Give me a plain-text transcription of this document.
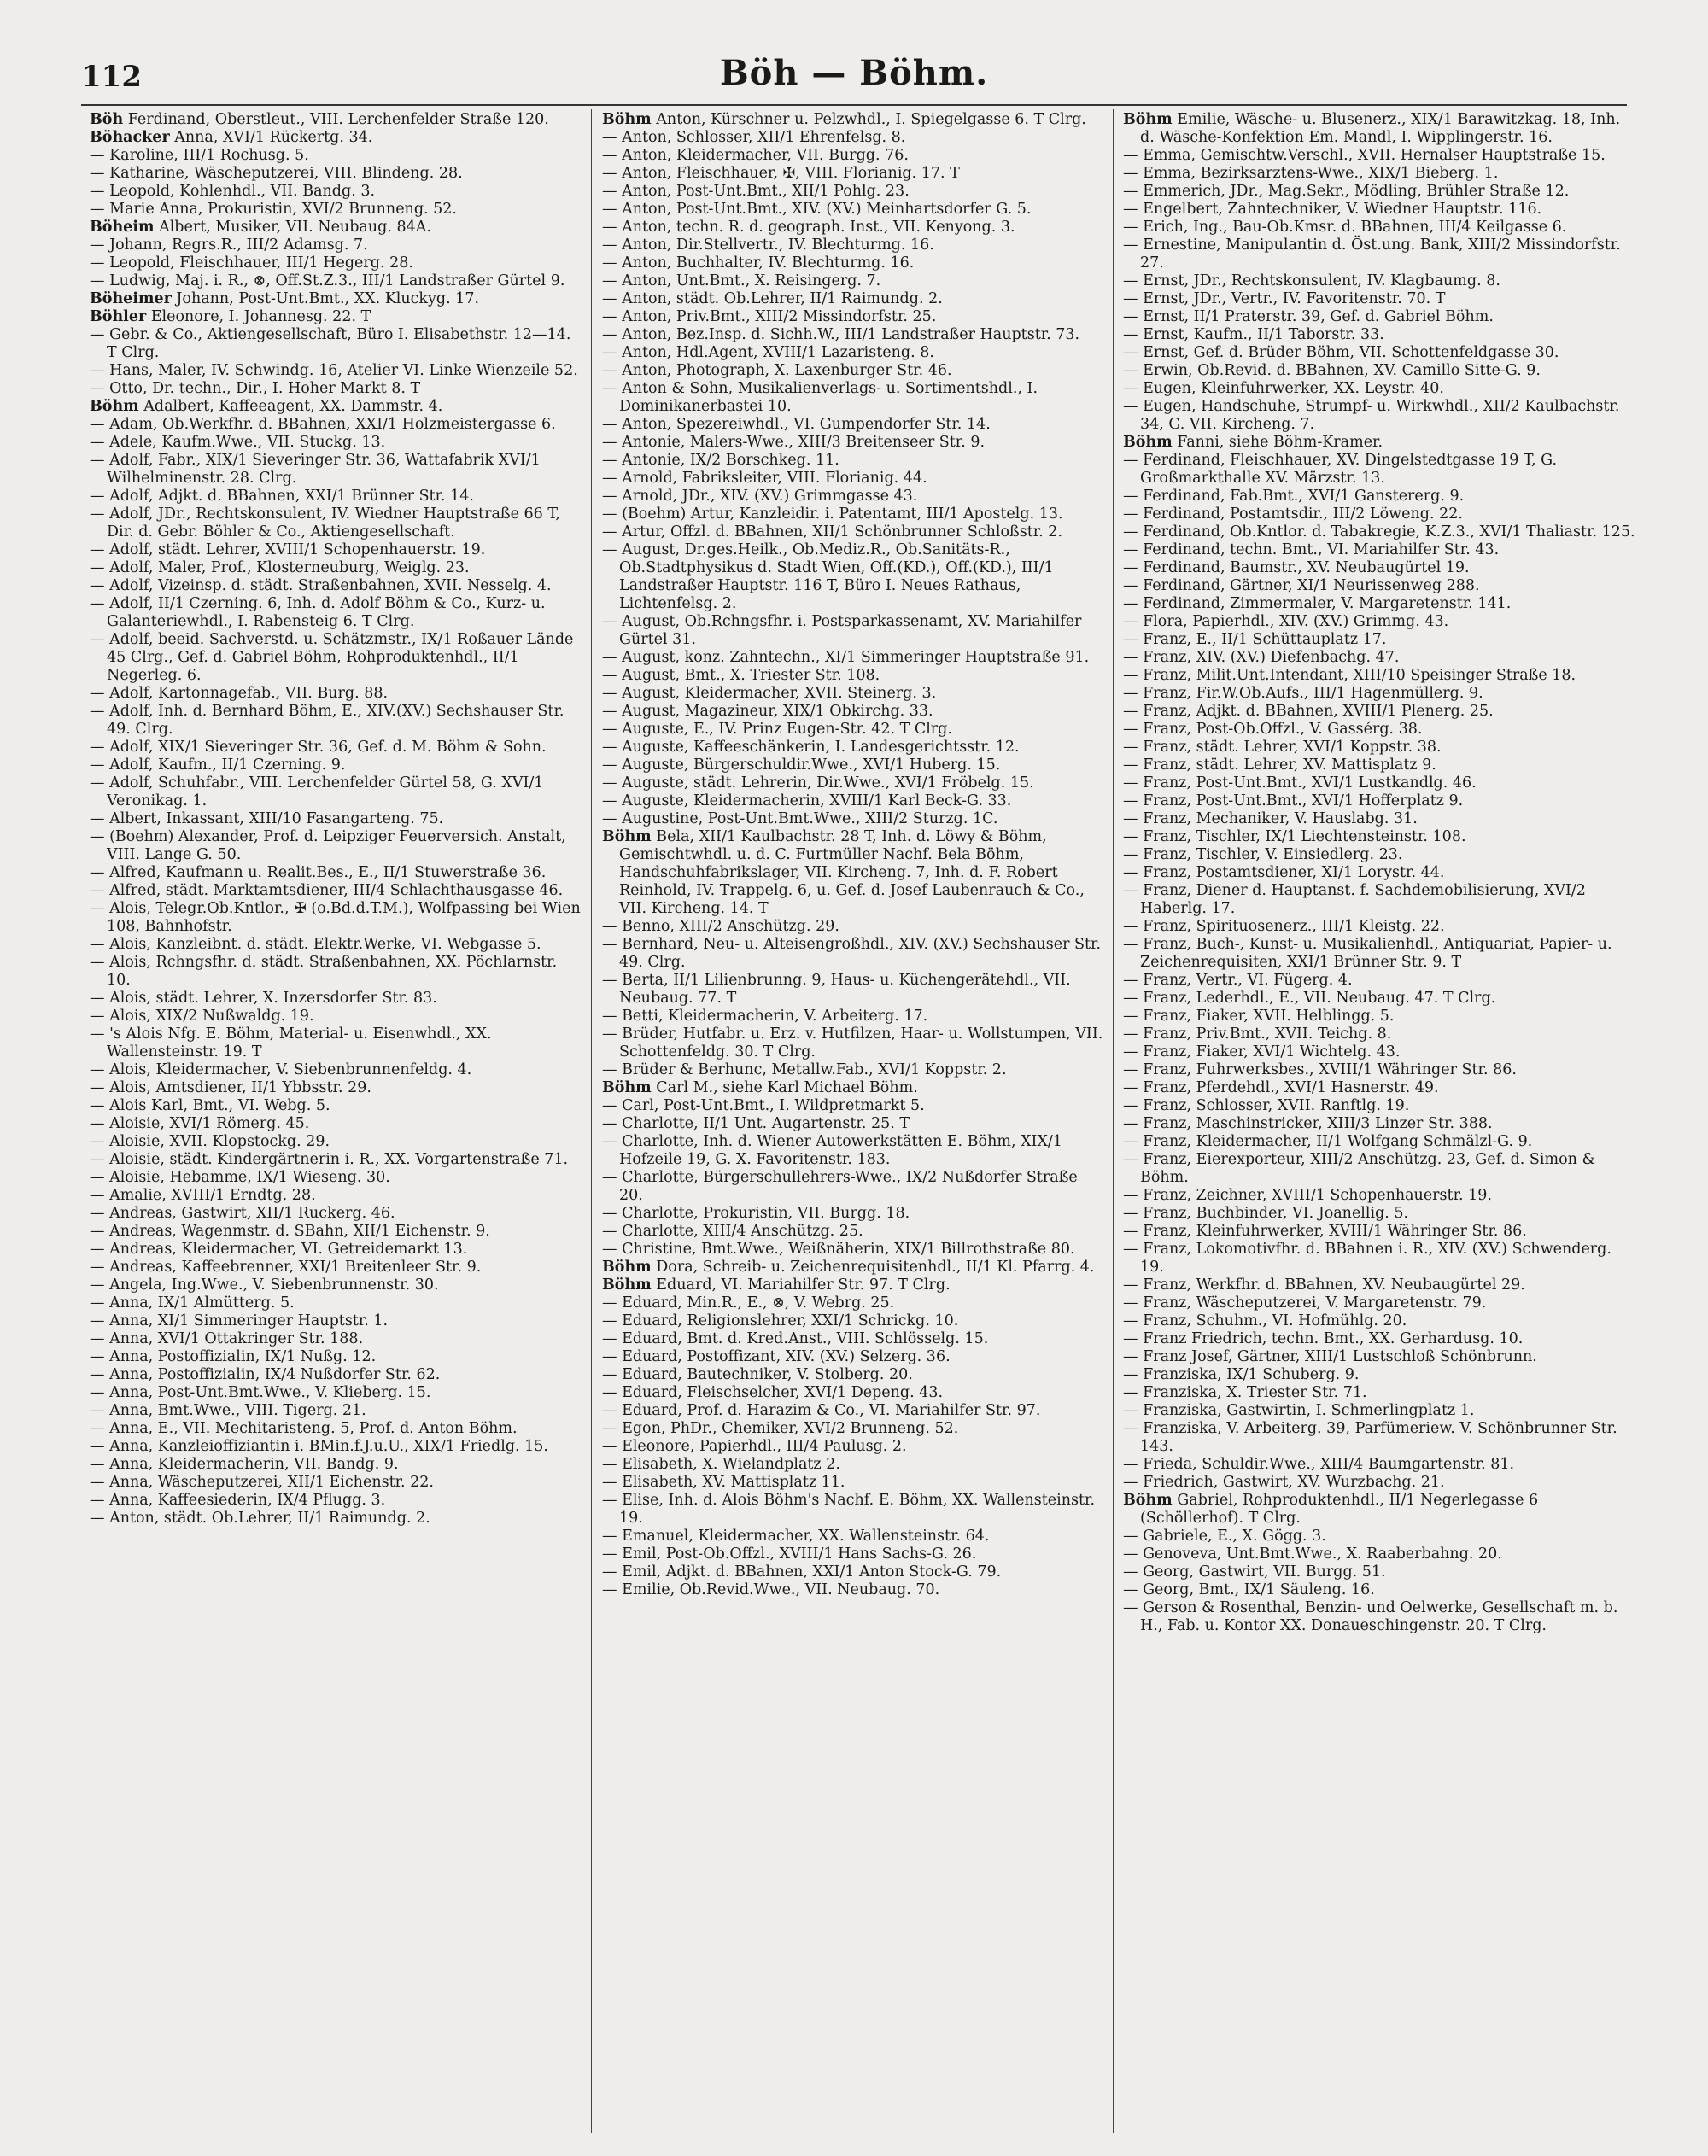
112	Böh — Böhm.

Böh Ferdinand, Oberstleut., VIII. Lerchenfelder Straße 120.

Böhacker Anna, XVI/1 Rückertg. 34.

— Karoline, III/1 Rochusg. 5.

— Katharine, Wäscheputzerei, VIII. Blindeng. 28.

— Leopold, Kohlenhdl., VII. Bandg. 3.

— Marie Anna, Prokuristin, XVI/2 Brunneng. 52.

Böheim Albert, Musiker, VII. Neubaug. 84A.

— Johann, Regrs.R., III/2 Adamsg. 7.

— Leopold, Fleischhauer, III/1 Hegerg. 28.

— Ludwig, Maj. i. R., ⊗, Off.St.Z.3., III/1 Landstraßer Gürtel 9.

Böheimer Johann, Post-Unt.Bmt., XX. Kluckyg. 17.

Böhler Eleonore, I. Johannesg. 22. T

— Gebr. & Co., Aktiengesellschaft, Büro I. Elisabethstr. 12—14. T Clrg.

— Hans, Maler, IV. Schwindg. 16, Atelier VI. Linke Wienzeile 52.

— Otto, Dr. techn., Dir., I. Hoher Markt 8. T

Böhm Adalbert, Kaffeeagent, XX. Dammstr. 4.

— Adam, Ob.Werkfhr. d. BBahnen, XXI/1 Holzmeistergasse 6.

— Adele, Kaufm.Wwe., VII. Stuckg. 13.

— Adolf, Fabr., XIX/1 Sieveringer Str. 36, Wattafabrik XVI/1 Wilhelminenstr. 28. Clrg.

— Adolf, Adjkt. d. BBahnen, XXI/1 Brünner Str. 14.

— Adolf, JDr., Rechtskonsulent, IV. Wiedner Hauptstraße 66 T, Dir. d. Gebr. Böhler & Co., Aktiengesellschaft.

— Adolf, städt. Lehrer, XVIII/1 Schopenhauerstr. 19.

— Adolf, Maler, Prof., Klosterneuburg, Weiglg. 23.

— Adolf, Vizeinsp. d. städt. Straßenbahnen, XVII. Nesselg. 4.

— Adolf, II/1 Czerning. 6, Inh. d. Adolf Böhm & Co., Kurz- u. Galanteriewhdl., I. Rabensteig 6. T Clrg.

— Adolf, beeid. Sachverstd. u. Schätzmstr., IX/1 Roßauer Lände 45 Clrg., Gef. d. Gabriel Böhm, Rohproduktenhdl., II/1 Negerleg. 6.

— Adolf, Kartonnagefab., VII. Burg. 88.

— Adolf, Inh. d. Bernhard Böhm, E., XIV.(XV.) Sechshauser Str. 49. Clrg.

— Adolf, XIX/1 Sieveringer Str. 36, Gef. d. M. Böhm & Sohn.

— Adolf, Kaufm., II/1 Czerning. 9.

— Adolf, Schuhfabr., VIII. Lerchenfelder Gürtel 58, G. XVI/1 Veronikag. 1.

— Albert, Inkassant, XIII/10 Fasangarteng. 75.

— (Boehm) Alexander, Prof. d. Leipziger Feuerversich. Anstalt, VIII. Lange G. 50.

— Alfred, Kaufmann u. Realit.Bes., E., II/1 Stuwerstraße 36.

— Alfred, städt. Marktamtsdiener, III/4 Schlachthausgasse 46.

— Alois, Telegr.Ob.Kntlor., ✠ (o.Bd.d.T.M.), Wolfpassing bei Wien 108, Bahnhofstr.

— Alois, Kanzleibnt. d. städt. Elektr.Werke, VI. Webgasse 5.

— Alois, Rchngsfhr. d. städt. Straßenbahnen, XX. Pöchlarnstr. 10.

— Alois, städt. Lehrer, X. Inzersdorfer Str. 83.

— Alois, XIX/2 Nußwaldg. 19.

— 's Alois Nfg. E. Böhm, Material- u. Eisenwhdl., XX. Wallensteinstr. 19. T

— Alois, Kleidermacher, V. Siebenbrunnenfeldg. 4.

— Alois, Amtsdiener, II/1 Ybbsstr. 29.

— Alois Karl, Bmt., VI. Webg. 5.

— Aloisie, XVI/1 Römerg. 45.

— Aloisie, XVII. Klopstockg. 29.

— Aloisie, städt. Kindergärtnerin i. R., XX. Vorgartenstraße 71.

— Aloisie, Hebamme, IX/1 Wieseng. 30.

— Amalie, XVIII/1 Erndtg. 28.

— Andreas, Gastwirt, XII/1 Ruckerg. 46.

— Andreas, Wagenmstr. d. SBahn, XII/1 Eichenstr. 9.

— Andreas, Kleidermacher, VI. Getreidemarkt 13.

— Andreas, Kaffeebrenner, XXI/1 Breitenleer Str. 9.

— Angela, Ing.Wwe., V. Siebenbrunnenstr. 30.

— Anna, IX/1 Almütterg. 5.

— Anna, XI/1 Simmeringer Hauptstr. 1.

— Anna, XVI/1 Ottakringer Str. 188.

— Anna, Postoffizialin, IX/1 Nußg. 12.

— Anna, Postoffizialin, IX/4 Nußdorfer Str. 62.

— Anna, Post-Unt.Bmt.Wwe., V. Klieberg. 15.

— Anna, Bmt.Wwe., VIII. Tigerg. 21.

— Anna, E., VII. Mechitaristeng. 5, Prof. d. Anton Böhm.

— Anna, Kanzleioffiziantin i. BMin.f.J.u.U., XIX/1 Friedlg. 15.

— Anna, Kleidermacherin, VII. Bandg. 9.

— Anna, Wäscheputzerei, XII/1 Eichenstr. 22.

— Anna, Kaffeesiederin, IX/4 Pflugg. 3.

— Anton, städt. Ob.Lehrer, II/1 Raimundg. 2.

Böhm Anton, Kürschner u. Pelzwhdl., I. Spiegelgasse 6. T Clrg.

— Anton, Schlosser, XII/1 Ehrenfelsg. 8.

— Anton, Kleidermacher, VII. Burgg. 76.

— Anton, Fleischhauer, ✠, VIII. Florianig. 17. T

— Anton, Post-Unt.Bmt., XII/1 Pohlg. 23.

— Anton, Post-Unt.Bmt., XIV. (XV.) Meinhartsdorfer G. 5.

— Anton, techn. R. d. geograph. Inst., VII. Kenyong. 3.

— Anton, Dir.Stellvertr., IV. Blechturmg. 16.

— Anton, Buchhalter, IV. Blechturmg. 16.

— Anton, Unt.Bmt., X. Reisingerg. 7.

— Anton, städt. Ob.Lehrer, II/1 Raimundg. 2.

— Anton, Priv.Bmt., XIII/2 Missindorfstr. 25.

— Anton, Bez.Insp. d. Sichh.W., III/1 Landstraßer Hauptstr. 73.

— Anton, Hdl.Agent, XVIII/1 Lazaristeng. 8.

— Anton, Photograph, X. Laxenburger Str. 46.

— Anton & Sohn, Musikalienverlags- u. Sortimentshdl., I. Dominikanerbastei 10.

— Anton, Spezereiwhdl., VI. Gumpendorfer Str. 14.

— Antonie, Malers-Wwe., XIII/3 Breitenseer Str. 9.

— Antonie, IX/2 Borschkeg. 11.

— Arnold, Fabriksleiter, VIII. Florianig. 44.

— Arnold, JDr., XIV. (XV.) Grimmgasse 43.

— (Boehm) Artur, Kanzleidir. i. Patentamt, III/1 Apostelg. 13.

— Artur, Offzl. d. BBahnen, XII/1 Schönbrunner Schloßstr. 2.

— August, Dr.ges.Heilk., Ob.Mediz.R., Ob.Sanitäts-R., Ob.Stadtphysikus d. Stadt Wien, Off.(KD.), Off.(KD.), III/1 Landstraßer Hauptstr. 116 T, Büro I. Neues Rathaus, Lichtenfelsg. 2.

— August, Ob.Rchngsfhr. i. Postsparkassenamt, XV. Mariahilfer Gürtel 31.

— August, konz. Zahntechn., XI/1 Simmeringer Hauptstraße 91.

— August, Bmt., X. Triester Str. 108.

— August, Kleidermacher, XVII. Steinerg. 3.

— August, Magazineur, XIX/1 Obkirchg. 33.

— Auguste, E., IV. Prinz Eugen-Str. 42. T Clrg.

— Auguste, Kaffeeschänkerin, I. Landesgerichtsstr. 12.

— Auguste, Bürgerschuldir.Wwe., XVI/1 Huberg. 15.

— Auguste, städt. Lehrerin, Dir.Wwe., XVI/1 Fröbelg. 15.

— Auguste, Kleidermacherin, XVIII/1 Karl Beck-G. 33.

— Augustine, Post-Unt.Bmt.Wwe., XIII/2 Sturzg. 1C.

Böhm Bela, XII/1 Kaulbachstr. 28 T, Inh. d. Löwy & Böhm, Gemischtwhdl. u. d. C. Furtmüller Nachf. Bela Böhm, Handschuhfabrikslager, VII. Kircheng. 7, Inh. d. F. Robert Reinhold, IV. Trappelg. 6, u. Gef. d. Josef Laubenrauch & Co., VII. Kircheng. 14. T

— Benno, XIII/2 Anschützg. 29.

— Bernhard, Neu- u. Alteisengroßhdl., XIV. (XV.) Sechshauser Str. 49. Clrg.

— Berta, II/1 Lilienbrunng. 9, Haus- u. Küchengerätehdl., VII. Neubaug. 77. T

— Betti, Kleidermacherin, V. Arbeiterg. 17.

— Brüder, Hutfabr. u. Erz. v. Hutfilzen, Haar- u. Wollstumpen, VII. Schottenfeldg. 30. T Clrg.

— Brüder & Berhunc, Metallw.Fab., XVI/1 Koppstr. 2.

Böhm Carl M., siehe Karl Michael Böhm.

— Carl, Post-Unt.Bmt., I. Wildpretmarkt 5.

— Charlotte, II/1 Unt. Augartenstr. 25. T

— Charlotte, Inh. d. Wiener Autowerkstätten E. Böhm, XIX/1 Hofzeile 19, G. X. Favoritenstr. 183.

— Charlotte, Bürgerschullehrers-Wwe., IX/2 Nußdorfer Straße 20.

— Charlotte, Prokuristin, VII. Burgg. 18.

— Charlotte, XIII/4 Anschützg. 25.

— Christine, Bmt.Wwe., Weißnäherin, XIX/1 Billrothstraße 80.

Böhm Dora, Schreib- u. Zeichenrequisitenhdl., II/1 Kl. Pfarrg. 4.

Böhm Eduard, VI. Mariahilfer Str. 97. T Clrg.

— Eduard, Min.R., E., ⊗, V. Webrg. 25.

— Eduard, Religionslehrer, XXI/1 Schrickg. 10.

— Eduard, Bmt. d. Kred.Anst., VIII. Schlösselg. 15.

— Eduard, Postoffizant, XIV. (XV.) Selzerg. 36.

— Eduard, Bautechniker, V. Stolberg. 20.

— Eduard, Fleischselcher, XVI/1 Depeng. 43.

— Eduard, Prof. d. Harazim & Co., VI. Mariahilfer Str. 97.

— Egon, PhDr., Chemiker, XVI/2 Brunneng. 52.

— Eleonore, Papierhdl., III/4 Paulusg. 2.

— Elisabeth, X. Wielandplatz 2.

— Elisabeth, XV. Mattisplatz 11.

— Elise, Inh. d. Alois Böhm's Nachf. E. Böhm, XX. Wallensteinstr. 19.

— Emanuel, Kleidermacher, XX. Wallensteinstr. 64.

— Emil, Post-Ob.Offzl., XVIII/1 Hans Sachs-G. 26.

— Emil, Adjkt. d. BBahnen, XXI/1 Anton Stock-G. 79.

— Emilie, Ob.Revid.Wwe., VII. Neubaug. 70.

Böhm Emilie, Wäsche- u. Blusenerz., XIX/1 Barawitzkag. 18, Inh. d. Wäsche-Konfektion Em. Mandl, I. Wipplingerstr. 16.

— Emma, Gemischtw.Verschl., XVII. Hernalser Hauptstraße 15.

— Emma, Bezirksarztens-Wwe., XIX/1 Bieberg. 1.

— Emmerich, JDr., Mag.Sekr., Mödling, Brühler Straße 12.

— Engelbert, Zahntechniker, V. Wiedner Hauptstr. 116.

— Erich, Ing., Bau-Ob.Kmsr. d. BBahnen, III/4 Keilgasse 6.

— Ernestine, Manipulantin d. Öst.ung. Bank, XIII/2 Missindorfstr. 27.

— Ernst, JDr., Rechtskonsulent, IV. Klagbaumg. 8.

— Ernst, JDr., Vertr., IV. Favoritenstr. 70. T

— Ernst, II/1 Praterstr. 39, Gef. d. Gabriel Böhm.

— Ernst, Kaufm., II/1 Taborstr. 33.

— Ernst, Gef. d. Brüder Böhm, VII. Schottenfeldgasse 30.

— Erwin, Ob.Revid. d. BBahnen, XV. Camillo Sitte-G. 9.

— Eugen, Kleinfuhrwerker, XX. Leystr. 40.

— Eugen, Handschuhe, Strumpf- u. Wirkwhdl., XII/2 Kaulbachstr. 34, G. VII. Kircheng. 7.

Böhm Fanni, siehe Böhm-Kramer.

— Ferdinand, Fleischhauer, XV. Dingelstedtgasse 19 T, G. Großmarkthalle XV. Märzstr. 13.

— Ferdinand, Fab.Bmt., XVI/1 Ganstererg. 9.

— Ferdinand, Postamtsdir., III/2 Löweng. 22.

— Ferdinand, Ob.Kntlor. d. Tabakregie, K.Z.3., XVI/1 Thaliastr. 125.

— Ferdinand, techn. Bmt., VI. Mariahilfer Str. 43.

— Ferdinand, Baumstr., XV. Neubaugürtel 19.

— Ferdinand, Gärtner, XI/1 Neurissenweg 288.

— Ferdinand, Zimmermaler, V. Margaretenstr. 141.

— Flora, Papierhdl., XIV. (XV.) Grimmg. 43.

— Franz, E., II/1 Schüttauplatz 17.

— Franz, XIV. (XV.) Diefenbachg. 47.

— Franz, Milit.Unt.Intendant, XIII/10 Speisinger Straße 18.

— Franz, Fir.W.Ob.Aufs., III/1 Hagenmüllerg. 9.

— Franz, Adjkt. d. BBahnen, XVIII/1 Plenerg. 25.

— Franz, Post-Ob.Offzl., V. Gassérg. 38.

— Franz, städt. Lehrer, XVI/1 Koppstr. 38.

— Franz, städt. Lehrer, XV. Mattisplatz 9.

— Franz, Post-Unt.Bmt., XVI/1 Lustkandlg. 46.

— Franz, Post-Unt.Bmt., XVI/1 Hofferplatz 9.

— Franz, Mechaniker, V. Hauslabg. 31.

— Franz, Tischler, IX/1 Liechtensteinstr. 108.

— Franz, Tischler, V. Einsiedlerg. 23.

— Franz, Postamtsdiener, XI/1 Lorystr. 44.

— Franz, Diener d. Hauptanst. f. Sachdemobilisierung, XVI/2 Haberlg. 17.

— Franz, Spirituosenerz., III/1 Kleistg. 22.

— Franz, Buch-, Kunst- u. Musikalienhdl., Antiquariat, Papier- u. Zeichenrequisiten, XXI/1 Brünner Str. 9. T

— Franz, Vertr., VI. Fügerg. 4.

— Franz, Lederhdl., E., VII. Neubaug. 47. T Clrg.

— Franz, Fiaker, XVII. Helblingg. 5.

— Franz, Priv.Bmt., XVII. Teichg. 8.

— Franz, Fiaker, XVI/1 Wichtelg. 43.

— Franz, Fuhrwerksbes., XVIII/1 Währinger Str. 86.

— Franz, Pferdehdl., XVI/1 Hasnerstr. 49.

— Franz, Schlosser, XVII. Ranftlg. 19.

— Franz, Maschinstricker, XIII/3 Linzer Str. 388.

— Franz, Kleidermacher, II/1 Wolfgang Schmälzl-G. 9.

— Franz, Eierexporteur, XIII/2 Anschützg. 23, Gef. d. Simon & Böhm.

— Franz, Zeichner, XVIII/1 Schopenhauerstr. 19.

— Franz, Buchbinder, VI. Joanellig. 5.

— Franz, Kleinfuhrwerker, XVIII/1 Währinger Str. 86.

— Franz, Lokomotivfhr. d. BBahnen i. R., XIV. (XV.) Schwenderg. 19.

— Franz, Werkfhr. d. BBahnen, XV. Neubaugürtel 29.

— Franz, Wäscheputzerei, V. Margaretenstr. 79.

— Franz, Schuhm., VI. Hofmühlg. 20.

— Franz Friedrich, techn. Bmt., XX. Gerhardusg. 10.

— Franz Josef, Gärtner, XIII/1 Lustschloß Schönbrunn.

— Franziska, IX/1 Schuberg. 9.

— Franziska, X. Triester Str. 71.

— Franziska, Gastwirtin, I. Schmerlingplatz 1.

— Franziska, V. Arbeiterg. 39, Parfümeriew. V. Schönbrunner Str. 143.

— Frieda, Schuldir.Wwe., XIII/4 Baumgartenstr. 81.

— Friedrich, Gastwirt, XV. Wurzbachg. 21.

Böhm Gabriel, Rohproduktenhdl., II/1 Negerlegasse 6 (Schöllerhof). T Clrg.

— Gabriele, E., X. Gögg. 3.

— Genoveva, Unt.Bmt.Wwe., X. Raaberbahng. 20.

— Georg, Gastwirt, VII. Burgg. 51.

— Georg, Bmt., IX/1 Säuleng. 16.

— Gerson & Rosenthal, Benzin- und Oelwerke, Gesellschaft m. b. H., Fab. u. Kontor XX. Donaueschingenstr. 20. T Clrg.
